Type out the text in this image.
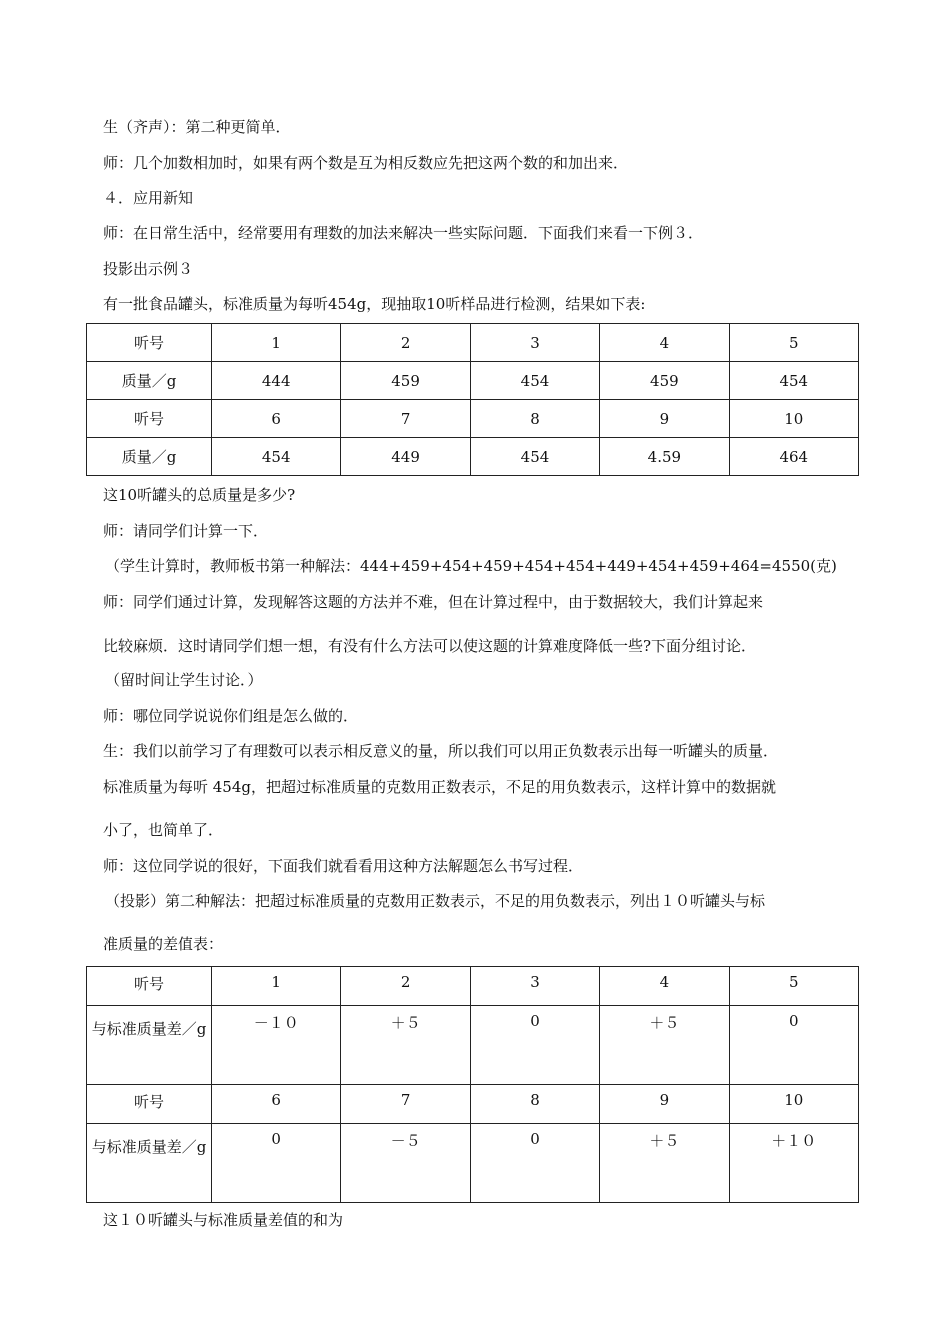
生（齐声）：第二种更简单．
师：几个加数相加时，如果有两个数是互为相反数应先把这两个数的和加出来．
４．应用新知
师：在日常生活中，经常要用有理数的加法来解决一些实际问题．下面我们来看一下例３．
投影出示例３
有一批食品罐头，标准质量为每听454g，现抽取10听样品进行检测，结果如下表:
听号	1	2	3	4	5
质量／g	444	459	454	459	454
听号	6	7	8	9	10
质量／g	454	449	454	4.59	464
这10听罐头的总质量是多少?
师：请同学们计算一下．
（学生计算时，教师板书第一种解法：444+459+454+459+454+454+449+454+459+464=4550(克)
师：同学们通过计算，发现解答这题的方法并不难，但在计算过程中，由于数据较大，我们计算起来
比较麻烦．这时请同学们想一想，有没有什么方法可以使这题的计算难度降低一些?下面分组讨论．
（留时间让学生讨论．）
师：哪位同学说说你们组是怎么做的．
生：我们以前学习了有理数可以表示相反意义的量，所以我们可以用正负数表示出每一听罐头的质量．
标准质量为每听 454g，把超过标准质量的克数用正数表示，不足的用负数表示，这样计算中的数据就
小了，也简单了．
师：这位同学说的很好，下面我们就看看用这种方法解题怎么书写过程．
（投影）第二种解法：把超过标准质量的克数用正数表示，不足的用负数表示，列出１０听罐头与标
准质量的差值表：
听号	1	2	3	4	5

与标准质量差／g	－１０	＋５	0	＋５	0
听号	6	7	8	9	10

与标准质量差／g	0	－５	0	＋５	＋１０
这１０听罐头与标准质量差值的和为
